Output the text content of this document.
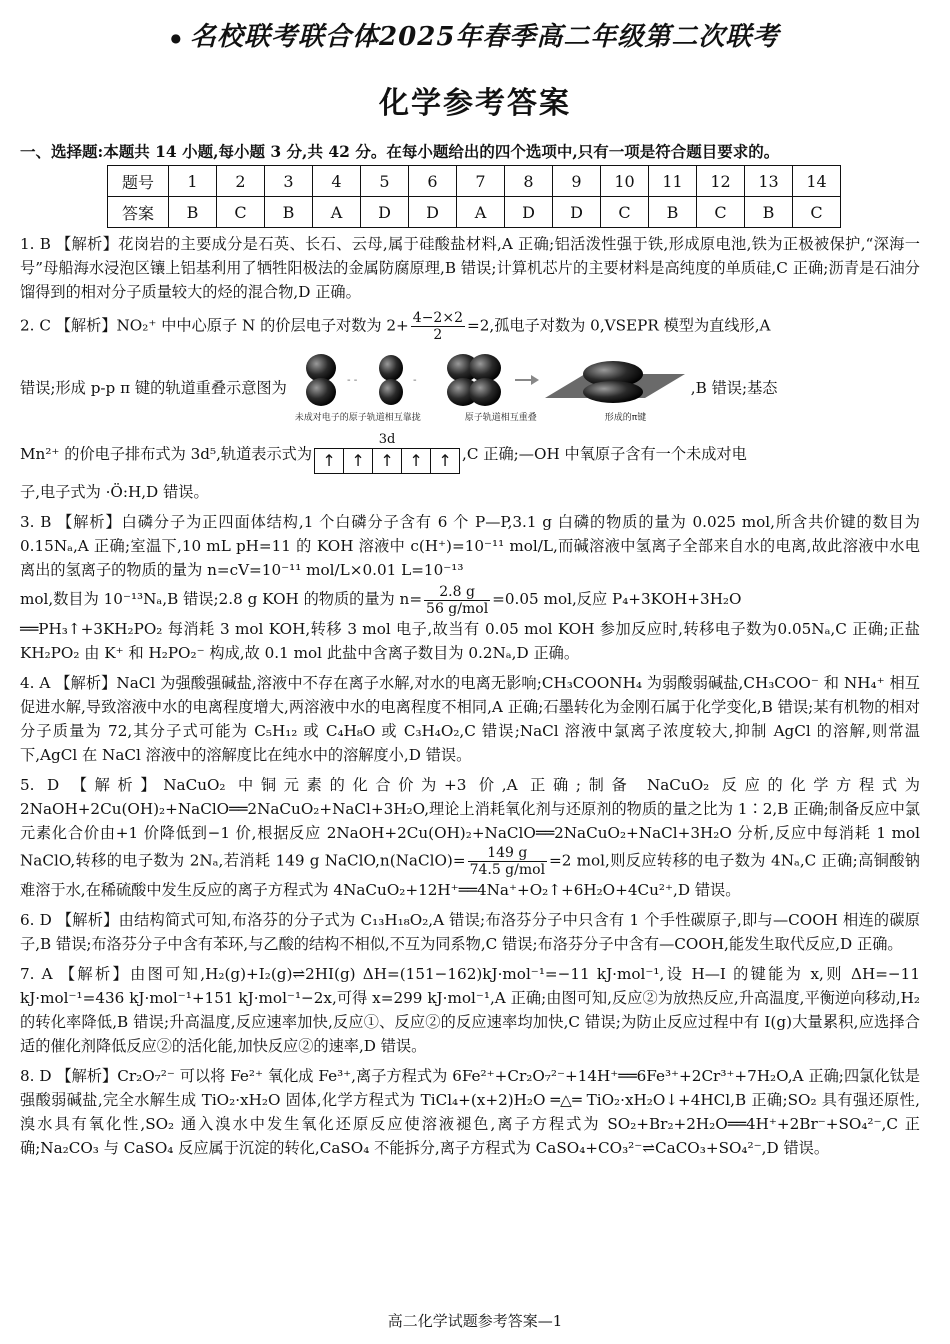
● 名校联考联合体2025年春季高二年级第二次联考
化学参考答案
一、选择题:本题共 14 小题,每小题 3 分,共 42 分。在每小题给出的四个选项中,只有一项是符合题目要求的。
题号	1	2	3	4	5	6	7	8	9	10	11	12	13	14
答案	B	C	B	A	D	D	A	D	D	C	B	C	B	C

1. B 【解析】花岗岩的主要成分是石英、长石、云母,属于硅酸盐材料,A 正确;铝活泼性强于铁,形成原电池,铁为正极被保护,“深海一号”母船海水浸泡区镶上铝基利用了牺牲阳极法的金属防腐原理,B 错误;计算机芯片的主要材料是高纯度的单质硅,C 正确;沥青是石油分馏得到的相对分子质量较大的烃的混合物,D 正确。

2. C 【解析】NO₂⁺ 中中心原子 N 的价层电子对数为 $2+ \frac{4-2\times 2}{2} =2$,孤电子对数为 0,VSEPR 模型为直线形,A

错误;形成 p-p π 键的轨道重叠示意图为	- -	-
未成对电子的原子轨道相互靠拢	原子轨道相互重叠	形成的π键
,B 错误;基态
Mn²⁺ 的价电子排布式为 3d⁵,轨道表示式为
3d
↑ ↑ ↑ ↑ ↑ ,C 正确;—OH 中氧原子含有一个未成对电

子,电子式为 ·Ö:H,D 错误。

3. B 【解析】白磷分子为正四面体结构,1 个白磷分子含有 6 个 P—P,3.1 g 白磷的物质的量为 0.025 mol,所含共价键的数目为 0.15Nₐ,A 正确;室温下,10 mL pH=11 的 KOH 溶液中 c(H⁺)=10⁻¹¹ mol/L,而碱溶液中氢离子全部来自水的电离,故此溶液中水电离出的氢离子的物质的量为 n=cV=10⁻¹¹ mol/L×0.01 L=10⁻¹³

mol,数目为 10⁻¹³Nₐ,B 错误;2.8 g KOH 的物质的量为 $n= \frac{2.8 g}{\text{56 g/mol}} =0.05$ mol,反应 P₄+3KOH+3H₂O

══PH₃↑+3KH₂PO₂ 每消耗 3 mol KOH,转移 3 mol 电子,故当有 0.05 mol KOH 参加反应时,转移电子数为0.05Nₐ,C 正确;正盐 KH₂PO₂ 由 K⁺ 和 H₂PO₂⁻ 构成,故 0.1 mol 此盐中含离子数目为 0.2Nₐ,D 正确。

4. A 【解析】NaCl 为强酸强碱盐,溶液中不存在离子水解,对水的电离无影响;CH₃COONH₄ 为弱酸弱碱盐,CH₃COO⁻ 和 NH₄⁺ 相互促进水解,导致溶液中水的电离程度增大,两溶液中水的电离程度不相同,A 正确;石墨转化为金刚石属于化学变化,B 错误;某有机物的相对分子质量为 72,其分子式可能为 C₅H₁₂ 或 C₄H₈O 或 C₃H₄O₂,C 错误;NaCl 溶液中氯离子浓度较大,抑制 AgCl 的溶解,则常温下,AgCl 在 NaCl 溶液中的溶解度比在纯水中的溶解度小,D 错误。

5. D 【解析】NaCuO₂ 中铜元素的化合价为+3 价,A 正确;制备 NaCuO₂ 反应的化学方程式为 2NaOH+2Cu(OH)₂+NaClO══2NaCuO₂+NaCl+3H₂O,理论上消耗氧化剂与还原剂的物质的量之比为 1∶2,B 正确;制备反应中氯元素化合价由+1 价降低到−1 价,根据反应 2NaOH+2Cu(OH)₂+NaClO══2NaCuO₂+NaCl+3H₂O 分析,反应中每消耗 1 mol NaClO,转移的电子数为 2Nₐ,若消耗 149 g NaClO,n(NaClO)= $\frac{149 g}{\text{74.5 g/mol}} =2$ mol,则反应转移的电子数为 4Nₐ,C 正确;高铜酸钠难溶于水,在稀硫酸中发生反应的离子方程式为 4NaCuO₂+12H⁺══4Na⁺+O₂↑+6H₂O+4Cu²⁺,D 错误。

6. D 【解析】由结构简式可知,布洛芬的分子式为 C₁₃H₁₈O₂,A 错误;布洛芬分子中只含有 1 个手性碳原子,即与—COOH 相连的碳原子,B 错误;布洛芬分子中含有苯环,与乙酸的结构不相似,不互为同系物,C 错误;布洛芬分子中含有—COOH,能发生取代反应,D 正确。

7. A 【解析】由图可知,H₂(g)+I₂(g)⇌2HI(g) ΔH=(151−162)kJ·mol⁻¹=−11 kJ·mol⁻¹,设 H—I 的键能为 x,则 ΔH=−11 kJ·mol⁻¹=436 kJ·mol⁻¹+151 kJ·mol⁻¹−2x,可得 x=299 kJ·mol⁻¹,A 正确;由图可知,反应②为放热反应,升高温度,平衡逆向移动,H₂ 的转化率降低,B 错误;升高温度,反应速率加快,反应①、反应②的反应速率均加快,C 错误;为防止反应过程中有 I(g)大量累积,应选择合适的催化剂降低反应②的活化能,加快反应②的速率,D 错误。

8. D 【解析】Cr₂O₇²⁻ 可以将 Fe²⁺ 氧化成 Fe³⁺,离子方程式为 6Fe²⁺+Cr₂O₇²⁻+14H⁺══6Fe³⁺+2Cr³⁺+7H₂O,A 正确;四氯化钛是强酸弱碱盐,完全水解生成 TiO₂·xH₂O 固体,化学方程式为 TiCl₄+(x+2)H₂O ═△═ TiO₂·xH₂O↓+4HCl,B 正确;SO₂ 具有强还原性,溴水具有氧化性,SO₂ 通入溴水中发生氧化还原反应使溶液褪色,离子方程式为 SO₂+Br₂+2H₂O══4H⁺+2Br⁻+SO₄²⁻,C 正确;Na₂CO₃ 与 CaSO₄ 反应属于沉淀的转化,CaSO₄ 不能拆分,离子方程式为 CaSO₄+CO₃²⁻⇌CaCO₃+SO₄²⁻,D 错误。

高二化学试题参考答案—1
